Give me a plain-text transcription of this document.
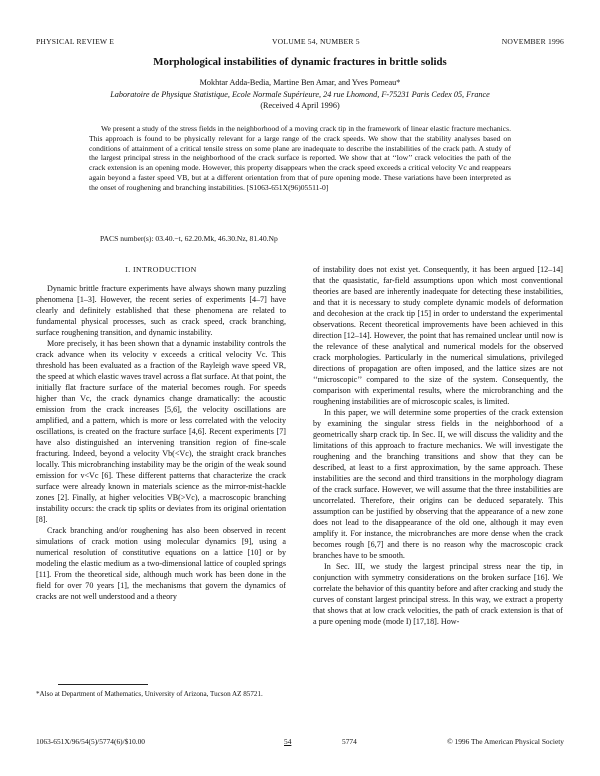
PHYSICAL REVIEW E	VOLUME 54, NUMBER 5	NOVEMBER 1996
Morphological instabilities of dynamic fractures in brittle solids
Mokhtar Adda-Bedia, Martine Ben Amar, and Yves Pomeau*
Laboratoire de Physique Statistique, Ecole Normale Supérieure, 24 rue Lhomond, F-75231 Paris Cedex 05, France
(Received 4 April 1996)

We present a study of the stress fields in the neighborhood of a moving crack tip in the framework of linear elastic fracture mechanics. This approach is found to be physically relevant for a large range of the crack speeds. We show that the stability analyses based on conditions of attainment of a critical tensile stress on some plane are inadequate to describe the instabilities of the crack path. A study of the largest principal stress in the neighborhood of the crack surface is reported. We show that at ‘‘low’’ crack velocities the path of the crack extension is an opening mode. However, this property disappears when the crack speed exceeds a critical velocity Vc and reappears again beyond a faster speed VB, but at a different orientation from that of pure opening mode. These variations have been interpreted as the onset of roughening and branching instabilities. [S1063-651X(96)05511-0]

PACS number(s): 03.40.−t, 62.20.Mk, 46.30.Nz, 81.40.Np
I. INTRODUCTION

Dynamic brittle fracture experiments have always shown many puzzling phenomena [1–3]. However, the recent series of experiments [4–7] have clearly and definitely established that these phenomena are related to fundamental physical processes, such as crack speed, crack branching, surface roughening transition, and dynamic instability.

More precisely, it has been shown that a dynamic instability controls the crack advance when its velocity v exceeds a critical velocity Vc. This threshold has been evaluated as a fraction of the Rayleigh wave speed VR, the speed at which elastic waves travel across a flat surface. At that point, the initially flat fracture surface of the material becomes rough. For speeds higher than Vc, the crack dynamics change dramatically: the acoustic emission from the crack increases [5,6], the velocity oscillations are amplified, and a pattern, which is more or less correlated with the velocity oscillations, is created on the fracture surface [4,6]. Recent experiments [7] have also distinguished an intervening transition region of fine-scale fracturing. Indeed, beyond a velocity Vb(<Vc), the straight crack branches locally. This microbranching instability may be the origin of the weak sound emission for v<Vc [6]. These different patterns that characterize the crack surface were already known in materials science as the mirror-mist-hackle zones [2]. Finally, at higher velocities VB(>Vc), a macroscopic branching instability occurs: the crack tip splits or deviates from its original orientation [8].

Crack branching and/or roughening has also been observed in recent simulations of crack motion using molecular dynamics [9], using a numerical resolution of constitutive equations on a lattice [10] or by modeling the elastic medium as a two-dimensional lattice of coupled springs [11]. From the theoretical side, although much work has been done in the field for over 70 years [1], the mechanisms that govern the dynamics of cracks are not well understood and a theory

of instability does not exist yet. Consequently, it has been argued [12–14] that the quasistatic, far-field assumptions upon which most conventional theories are based are inherently inadequate for detecting these instabilities, and that it is necessary to study complete dynamic models of deformation and decohesion at the crack tip [15] in order to understand the experimental observations. Recent theoretical improvements have been achieved in this direction [12–14]. However, the point that has remained unclear until now is the relevance of these analytical and numerical models for the observed crack morphologies. Particularly in the numerical simulations, privileged directions of propagation are often imposed, and the lattice sizes are not ‘‘microscopic’’ compared to the size of the system. Consequently, the comparison with experimental results, where the microbranching and the roughening instabilities are of microscopic scales, is limited.

In this paper, we will determine some properties of the crack extension by examining the singular stress fields in the neighborhood of a geometrically sharp crack tip. In Sec. II, we will discuss the validity and the limitations of this approach to fracture mechanics. We will investigate the roughening and the branching transitions and show that they can be described, at least to a first approximation, by the same approach. These instabilities are the second and third transitions in the morphology diagram of the crack surface. However, we will assume that the three instabilities are uncorrelated. Therefore, their origins can be deduced separately. This assumption can be justified by observing that the appearance of a new zone does not lead to the disappearance of the old one, although it may even amplify it. For instance, the microbranches are more dense when the crack becomes rough [6,7] and there is no reason why the macroscopic crack branches have to be smooth.

In Sec. III, we study the largest principal stress near the tip, in conjunction with symmetry considerations on the broken surface [16]. We correlate the behavior of this quantity before and after cracking and study the curves of constant largest principal stress. In this way, we extract a property that shows that at low crack velocities, the path of crack extension is that of a pure opening mode (mode I) [17,18]. How-

*Also at Department of Mathematics, University of Arizona, Tucson AZ 85721.
1063-651X/96/54(5)/5774(6)/$10.00	54	5774	© 1996 The American Physical Society
